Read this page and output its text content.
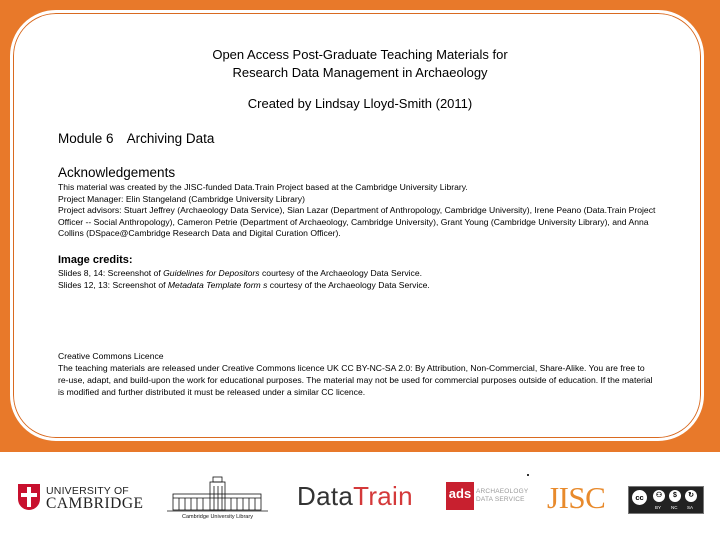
Open Access Post-Graduate Teaching Materials for
Research Data Management in Archaeology
Created by Lindsay Lloyd-Smith (2011)
Module 6 Archiving Data
Acknowledgements
This material was created by the JISC-funded Data.Train Project based at the Cambridge University Library.
Project Manager: Elin Stangeland (Cambridge University Library)
Project advisors: Stuart Jeffrey (Archaeology Data Service), Sian Lazar (Department of Anthropology, Cambridge University), Irene Peano (Data.Train Project Officer -- Social Anthropology), Cameron Petrie (Department of Archaeology, Cambridge University), Grant Young (Cambridge University Library), and Anna Collins (DSpace@Cambridge Research Data and Digital Curation Officer).
Image credits:
Slides 8, 14: Screenshot of Guidelines for Depositors courtesy of the Archaeology Data Service.
Slides 12, 13: Screenshot of Metadata Template form s courtesy of the Archaeology Data Service.
Creative Commons Licence
The teaching materials are released under Creative Commons licence UK CC BY-NC-SA 2.0: By Attribution, Non-Commercial, Share-Alike. You are free to re-use, adapt, and build-upon the work for educational purposes. The material may not be used for commercial purposes outside of education. If the material is modified and further distributed it must be released under a similar CC licence.
UNIVERSITY OF
CAMBRIDGE
Cambridge University Library
DataTrain	ads ARCHAEOLOGY
DATA SERVICE JISC	cc	⚇	$	↻
BY NC SA
